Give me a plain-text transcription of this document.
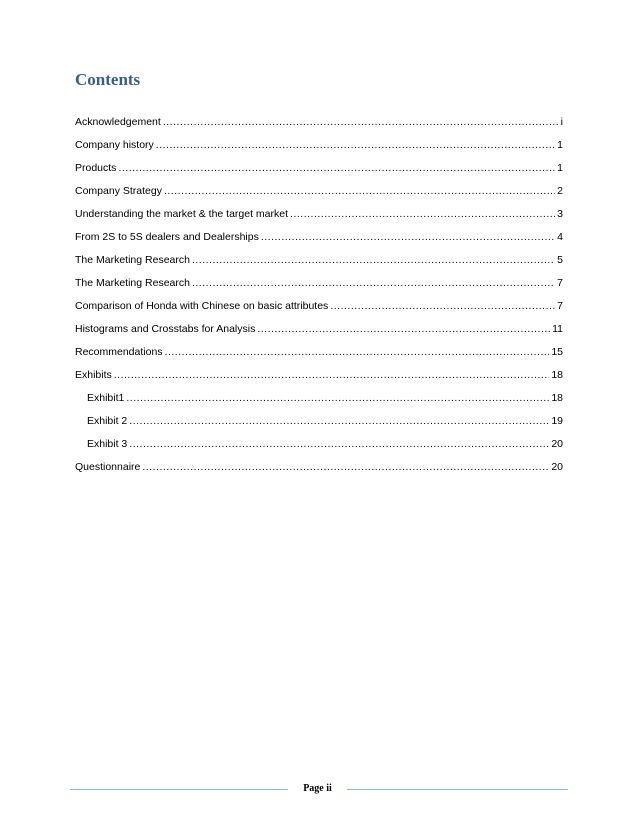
Contents
Acknowledgement .....	i
Company history .....	1
Products .....	1
Company Strategy .....	2
Understanding the market & the target market .....	3
From 2S to 5S dealers and Dealerships .....	4
The Marketing Research .....	5
The Marketing Research .....	7
Comparison of Honda with Chinese on basic attributes .....	7
Histograms and Crosstabs for Analysis .....	11
Recommendations .....	15
Exhibits .....	18
Exhibit1 .....	18
Exhibit 2 .....	19
Exhibit 3 .....	20
Questionnaire .....	20
Page ii
